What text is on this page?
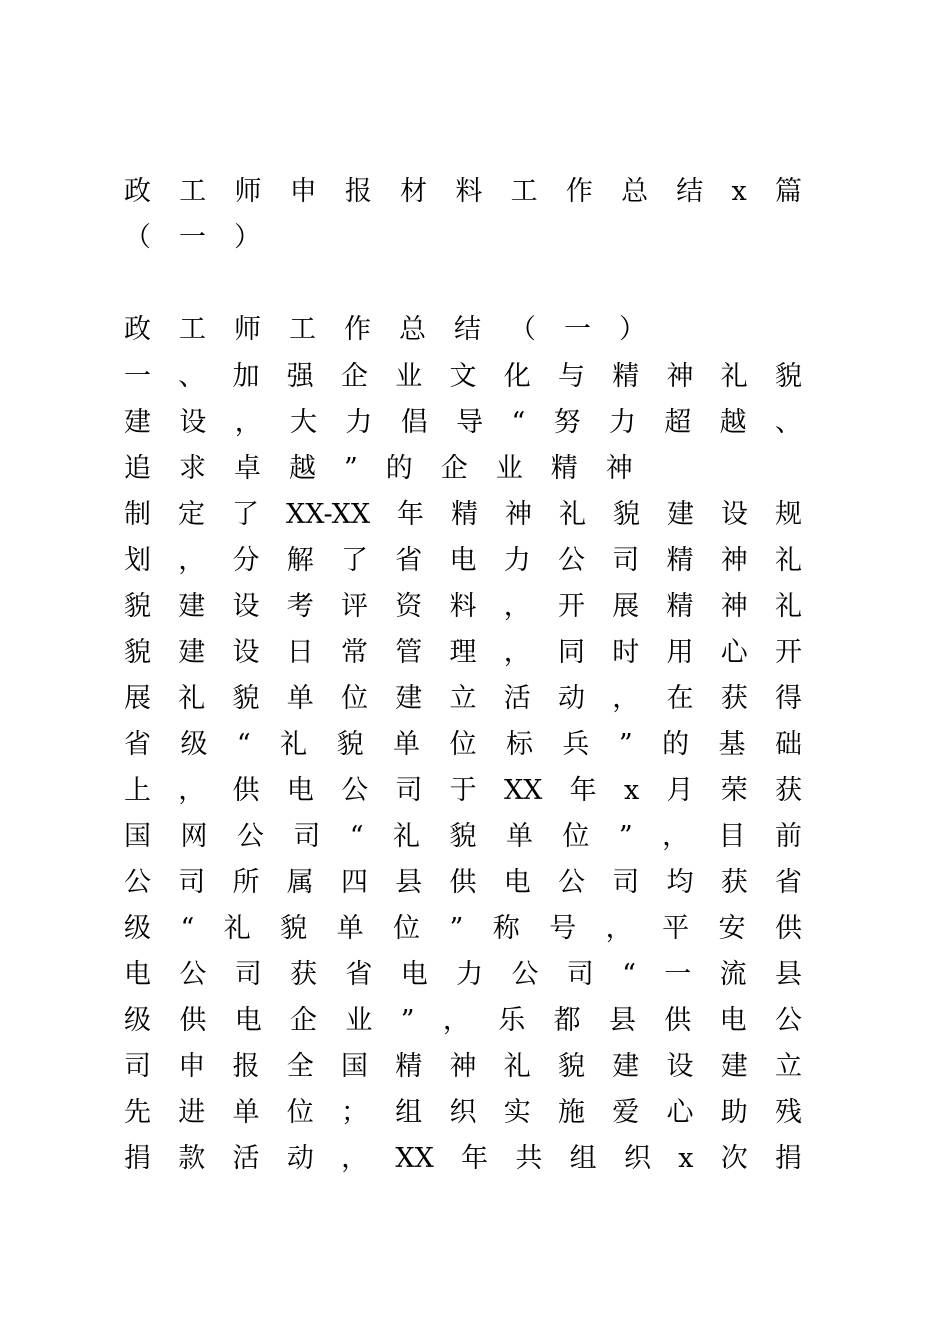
政工师申报材料工作总结x篇
（一）
政工师工作总结（一）
一、加强企业文化与精神礼貌
建设，大力倡导“努力超越、
追求卓越”的企业精神
制定了XX-XX年精神礼貌建设规
划，分解了省电力公司精神礼
貌建设考评资料，开展精神礼
貌建设日常管理，同时用心开
展礼貌单位建立活动，在获得
省级“礼貌单位标兵”的基础
上，供电公司于XX年x月荣获
国网公司“礼貌单位”，目前
公司所属四县供电公司均获省
级“礼貌单位”称号，平安供
电公司获省电力公司“一流县
级供电企业”，乐都县供电公
司申报全国精神礼貌建设建立
先进单位；组织实施爱心助残
捐款活动，XX年共组织x次捐
